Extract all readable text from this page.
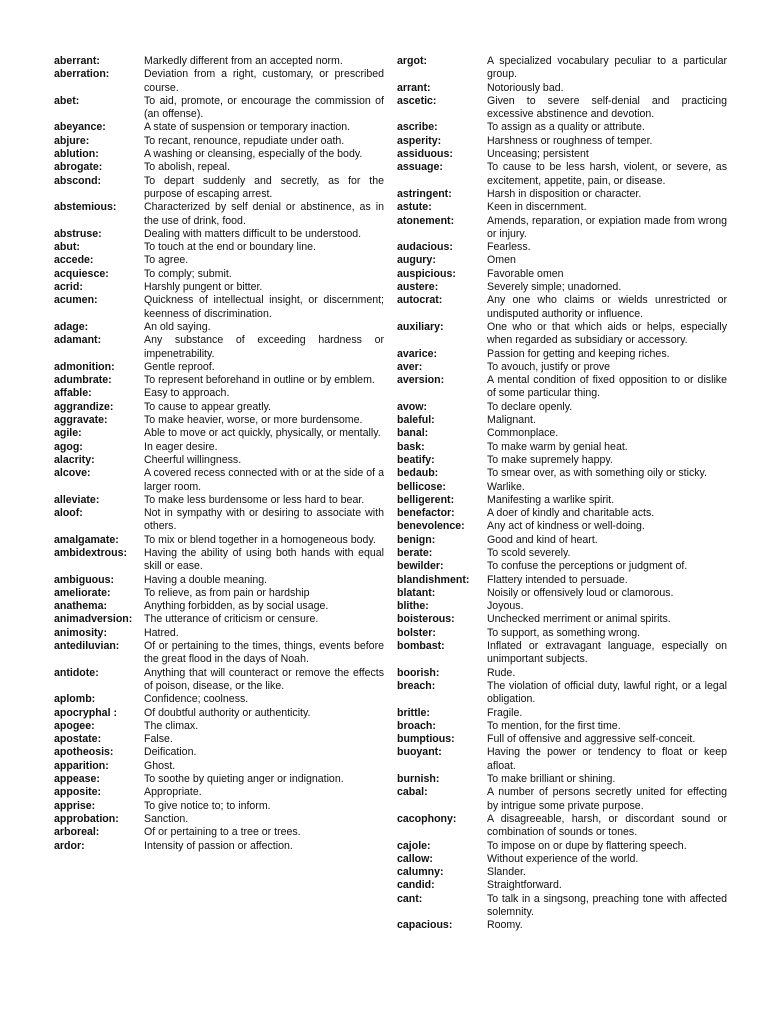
aberrant:	Markedly different from an accepted norm.
aberration:	Deviation from a right, customary, or prescribed course.
abet:	To aid, promote, or encourage the commission of (an offense).
abeyance:	A state of suspension or temporary inaction.
abjure:	To recant, renounce, repudiate under oath.
ablution:	A washing or cleansing, especially of the body.
abrogate:	To abolish, repeal.
abscond:	To depart suddenly and secretly, as for the purpose of escaping arrest.
abstemious:	Characterized by self denial or abstinence, as in the use of drink, food.
abstruse:	Dealing with matters difficult to be understood.
abut:	To touch at the end or boundary line.
accede:	To agree.
acquiesce:	To comply; submit.
acrid:	Harshly pungent or bitter.
acumen:	Quickness of intellectual insight, or discernment; keenness of discrimination.
adage:	An old saying.
adamant:	Any substance of exceeding hardness or impenetrability.
admonition:	Gentle reproof.
adumbrate:	To represent beforehand in outline or by emblem.
affable:	Easy to approach.
aggrandize:	To cause to appear greatly.
aggravate:	To make heavier, worse, or more burdensome.
agile:	Able to move or act quickly, physically, or mentally.
agog:	In eager desire.
alacrity:	Cheerful willingness.
alcove:	A covered recess connected with or at the side of a larger room.
alleviate:	To make less burdensome or less hard to bear.
aloof:	Not in sympathy with or desiring to associate with others.
amalgamate:	To mix or blend together in a homogeneous body.
ambidextrous:	Having the ability of using both hands with equal skill or ease.
ambiguous:	Having a double meaning.
ameliorate:	To relieve, as from pain or hardship
anathema:	Anything forbidden, as by social usage.
animadversion:	The utterance of criticism or censure.
animosity:	Hatred.
antediluvian:	Of or pertaining to the times, things, events before the great flood in the days of Noah.
antidote:	Anything that will counteract or remove the effects of poison, disease, or the like.
aplomb:	Confidence; coolness.
apocryphal :	Of doubtful authority or authenticity.
apogee:	The climax.
apostate:	False.
apotheosis:	Deification.
apparition:	Ghost.
appease:	To soothe by quieting anger or indignation.
apposite:	Appropriate.
apprise:	To give notice to; to inform.
approbation:	Sanction.
arboreal:	Of or pertaining to a tree or trees.
ardor:	Intensity of passion or affection.
argot:	A specialized vocabulary peculiar to a particular group.
arrant:	Notoriously bad.
ascetic:	Given to severe self-denial and practicing excessive abstinence and devotion.
ascribe:	To assign as a quality or attribute.
asperity:	Harshness or roughness of temper.
assiduous:	Unceasing; persistent
assuage:	To cause to be less harsh, violent, or severe, as excitement, appetite, pain, or disease.
astringent:	Harsh in disposition or character.
astute:	Keen in discernment.
atonement:	Amends, reparation, or expiation made from wrong or injury.
audacious:	Fearless.
augury:	Omen
auspicious:	Favorable omen
austere:	Severely simple; unadorned.
autocrat:	Any one who claims or wields unrestricted or undisputed authority or influence.
auxiliary:	One who or that which aids or helps, especially when regarded as subsidiary or accessory.
avarice:	Passion for getting and keeping riches.
aver:	To avouch, justify or prove
aversion:	A mental condition of fixed opposition to or dislike of some particular thing.
avow:	To declare openly.
baleful:	Malignant.
banal:	Commonplace.
bask:	To make warm by genial heat.
beatify:	To make supremely happy.
bedaub:	To smear over, as with something oily or sticky.
bellicose:	Warlike.
belligerent:	Manifesting a warlike spirit.
benefactor:	A doer of kindly and charitable acts.
benevolence:	Any act of kindness or well-doing.
benign:	Good and kind of heart.
berate:	To scold severely.
bewilder:	To confuse the perceptions or judgment of.
blandishment:	Flattery intended to persuade.
blatant:	Noisily or offensively loud or clamorous.
blithe:	Joyous.
boisterous:	Unchecked merriment or animal spirits.
bolster:	To support, as something wrong.
bombast:	Inflated or extravagant language, especially on unimportant subjects.
boorish:	Rude.
breach:	The violation of official duty, lawful right, or a legal obligation.
brittle:	Fragile.
broach:	To mention, for the first time.
bumptious:	Full of offensive and aggressive self-conceit.
buoyant:	Having the power or tendency to float or keep afloat.
burnish:	To make brilliant or shining.
cabal:	A number of persons secretly united for effecting by intrigue some private purpose.
cacophony:	A disagreeable, harsh, or discordant sound or combination of sounds or tones.
cajole:	To impose on or dupe by flattering speech.
callow:	Without experience of the world.
calumny:	Slander.
candid:	Straightforward.
cant:	To talk in a singsong, preaching tone with affected solemnity.
capacious:	Roomy.
